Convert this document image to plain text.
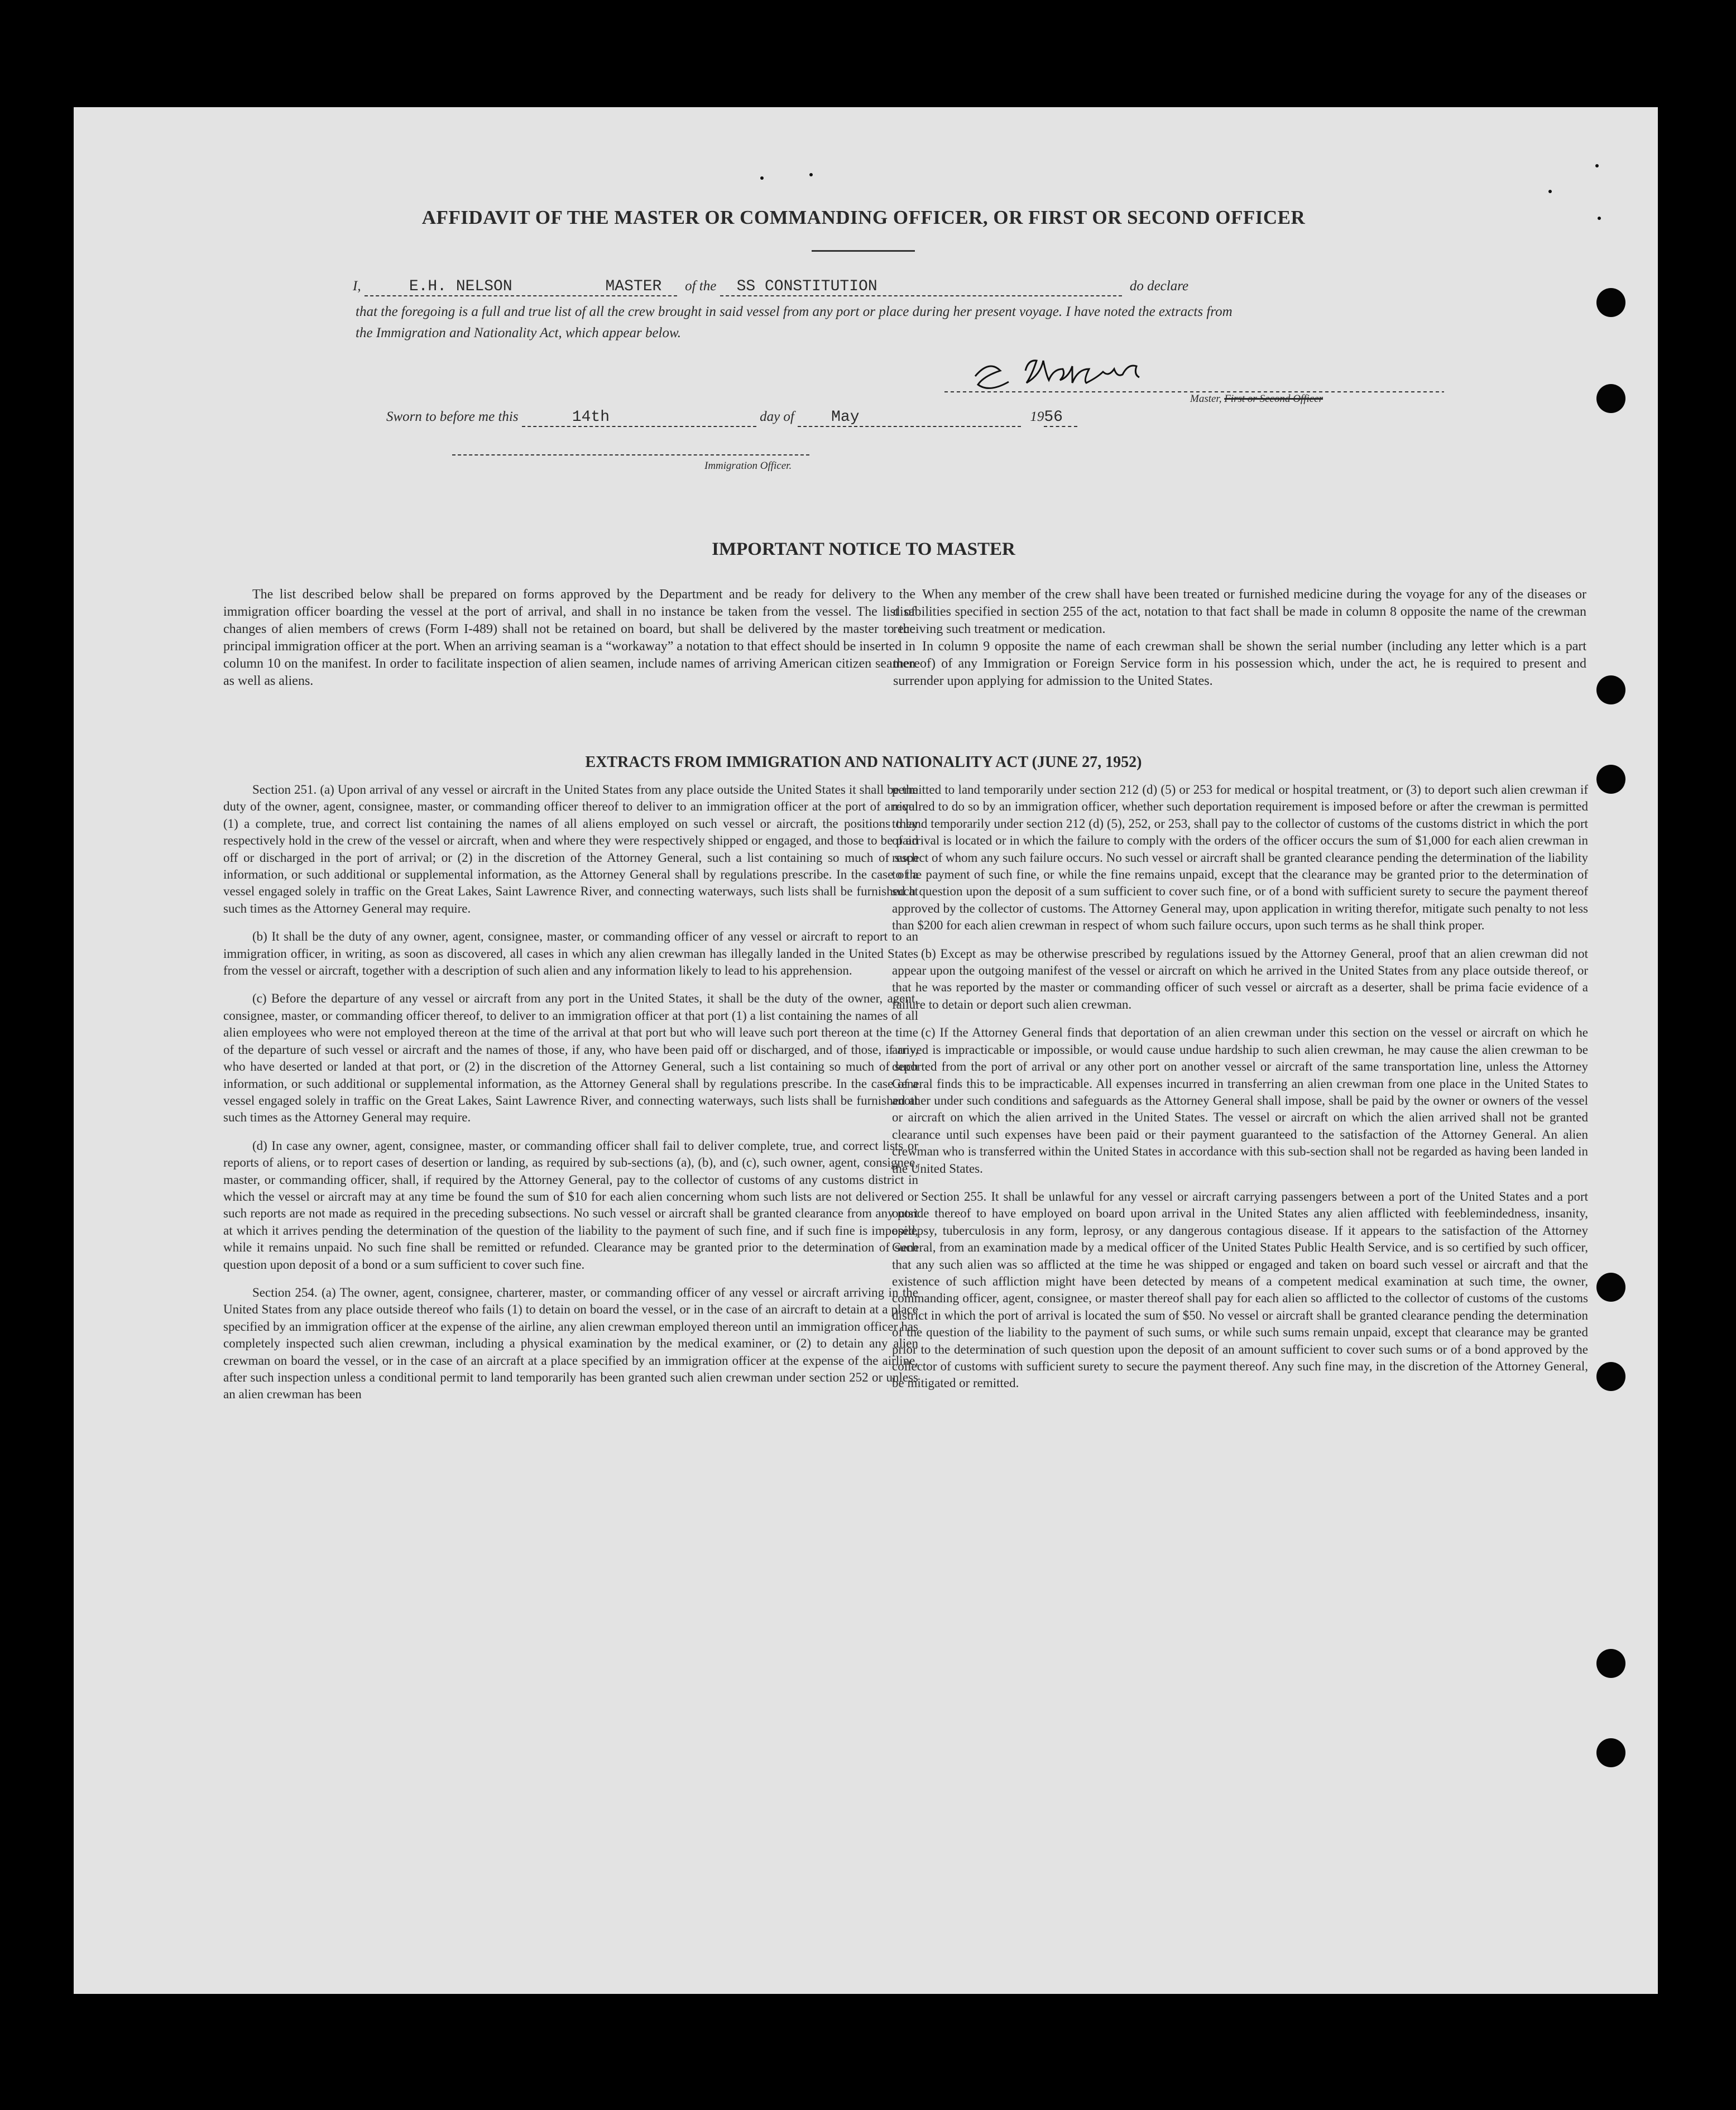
AFFIDAVIT OF THE MASTER OR COMMANDING OFFICER, OR FIRST OR SECOND OFFICER
I,	E.H. NELSON	MASTER of the SS CONSTITUTION	do declare
that the foregoing is a full and true list of all the crew brought in said vessel from any port or place during her present voyage. I have noted the extracts from
the Immigration and Nationality Act, which appear below.
Master, First or Second Officer
Sworn to before me this	14th	day of May	1956
Immigration Officer.
IMPORTANT NOTICE TO MASTER

The list described below shall be prepared on forms approved by the Department and be ready for delivery to the immigration officer boarding the vessel at the port of arrival, and shall in no instance be taken from the vessel. The list of changes of alien members of crews (Form I-489) shall not be retained on board, but shall be delivered by the master to the principal immigration officer at the port. When an arriving seaman is a “workaway” a notation to that effect should be inserted in column 10 on the manifest. In order to facilitate inspection of alien seamen, include names of arriving American citizen seamen as well as aliens.

When any member of the crew shall have been treated or furnished medicine during the voyage for any of the diseases or disabilities specified in section 255 of the act, notation to that fact shall be made in column 8 opposite the name of the crewman receiving such treatment or medication.

In column 9 opposite the name of each crewman shall be shown the serial number (including any letter which is a part thereof) of any Immigration or Foreign Service form in his possession which, under the act, he is required to present and surrender upon applying for admission to the United States.

EXTRACTS FROM IMMIGRATION AND NATIONALITY ACT (JUNE 27, 1952)

Section 251. (a) Upon arrival of any vessel or aircraft in the United States from any place outside the United States it shall be the duty of the owner, agent, consignee, master, or commanding officer thereof to deliver to an immigration officer at the port of arrival (1) a complete, true, and correct list containing the names of all aliens employed on such vessel or aircraft, the positions they respectively hold in the crew of the vessel or aircraft, when and where they were respectively shipped or engaged, and those to be paid off or discharged in the port of arrival; or (2) in the discretion of the Attorney General, such a list containing so much of such information, or such additional or supplemental information, as the Attorney General shall by regulations prescribe. In the case of a vessel engaged solely in traffic on the Great Lakes, Saint Lawrence River, and connecting waterways, such lists shall be furnished at such times as the Attorney General may require.

(b) It shall be the duty of any owner, agent, consignee, master, or commanding officer of any vessel or aircraft to report to an immigration officer, in writing, as soon as discovered, all cases in which any alien crewman has illegally landed in the United States from the vessel or aircraft, together with a description of such alien and any information likely to lead to his apprehension.

(c) Before the departure of any vessel or aircraft from any port in the United States, it shall be the duty of the owner, agent, consignee, master, or commanding officer thereof, to deliver to an immigration officer at that port (1) a list containing the names of all alien employees who were not employed thereon at the time of the arrival at that port but who will leave such port thereon at the time of the departure of such vessel or aircraft and the names of those, if any, who have been paid off or discharged, and of those, if any, who have deserted or landed at that port, or (2) in the discretion of the Attorney General, such a list containing so much of such information, or such additional or supplemental information, as the Attorney General shall by regulations prescribe. In the case of a vessel engaged solely in traffic on the Great Lakes, Saint Lawrence River, and connecting waterways, such lists shall be furnished at such times as the Attorney General may require.

(d) In case any owner, agent, consignee, master, or commanding officer shall fail to deliver complete, true, and correct lists or reports of aliens, or to report cases of desertion or landing, as required by sub-sections (a), (b), and (c), such owner, agent, consignee, master, or commanding officer, shall, if required by the Attorney General, pay to the collector of customs of any customs district in which the vessel or aircraft may at any time be found the sum of $10 for each alien concerning whom such lists are not delivered or such reports are not made as required in the preceding subsections. No such vessel or aircraft shall be granted clearance from any port at which it arrives pending the determination of the question of the liability to the payment of such fine, and if such fine is imposed, while it remains unpaid. No such fine shall be remitted or refunded. Clearance may be granted prior to the determination of such question upon deposit of a bond or a sum sufficient to cover such fine.

Section 254. (a) The owner, agent, consignee, charterer, master, or commanding officer of any vessel or aircraft arriving in the United States from any place outside thereof who fails (1) to detain on board the vessel, or in the case of an aircraft to detain at a place specified by an immigration officer at the expense of the airline, any alien crewman employed thereon until an immigration officer has completely inspected such alien crewman, including a physical examination by the medical examiner, or (2) to detain any alien crewman on board the vessel, or in the case of an aircraft at a place specified by an immigration officer at the expense of the airline, after such inspection unless a conditional permit to land temporarily has been granted such alien crewman under section 252 or unless an alien crewman has been

permitted to land temporarily under section 212 (d) (5) or 253 for medical or hospital treatment, or (3) to deport such alien crewman if required to do so by an immigration officer, whether such deportation requirement is imposed before or after the crewman is permitted to land temporarily under section 212 (d) (5), 252, or 253, shall pay to the collector of customs of the customs district in which the port of arrival is located or in which the failure to comply with the orders of the officer occurs the sum of $1,000 for each alien crewman in respect of whom any such failure occurs. No such vessel or aircraft shall be granted clearance pending the determination of the liability to the payment of such fine, or while the fine remains unpaid, except that the clearance may be granted prior to the determination of such question upon the deposit of a sum sufficient to cover such fine, or of a bond with sufficient surety to secure the payment thereof approved by the collector of customs. The Attorney General may, upon application in writing therefor, mitigate such penalty to not less than $200 for each alien crewman in respect of whom such failure occurs, upon such terms as he shall think proper.

(b) Except as may be otherwise prescribed by regulations issued by the Attorney General, proof that an alien crewman did not appear upon the outgoing manifest of the vessel or aircraft on which he arrived in the United States from any place outside thereof, or that he was reported by the master or commanding officer of such vessel or aircraft as a deserter, shall be prima facie evidence of a failure to detain or deport such alien crewman.

(c) If the Attorney General finds that deportation of an alien crewman under this section on the vessel or aircraft on which he arrived is impracticable or impossible, or would cause undue hardship to such alien crewman, he may cause the alien crewman to be deported from the port of arrival or any other port on another vessel or aircraft of the same transportation line, unless the Attorney General finds this to be impracticable. All expenses incurred in transferring an alien crewman from one place in the United States to another under such conditions and safeguards as the Attorney General shall impose, shall be paid by the owner or owners of the vessel or aircraft on which the alien arrived in the United States. The vessel or aircraft on which the alien arrived shall not be granted clearance until such expenses have been paid or their payment guaranteed to the satisfaction of the Attorney General. An alien crewman who is transferred within the United States in accordance with this sub-section shall not be regarded as having been landed in the United States.

Section 255. It shall be unlawful for any vessel or aircraft carrying passengers between a port of the United States and a port outside thereof to have employed on board upon arrival in the United States any alien afflicted with feeblemindedness, insanity, epilepsy, tuberculosis in any form, leprosy, or any dangerous contagious disease. If it appears to the satisfaction of the Attorney General, from an examination made by a medical officer of the United States Public Health Service, and is so certified by such officer, that any such alien was so afflicted at the time he was shipped or engaged and taken on board such vessel or aircraft and that the existence of such affliction might have been detected by means of a competent medical examination at such time, the owner, commanding officer, agent, consignee, or master thereof shall pay for each alien so afflicted to the collector of customs of the customs district in which the port of arrival is located the sum of $50. No vessel or aircraft shall be granted clearance pending the determination of the question of the liability to the payment of such sums, or while such sums remain unpaid, except that clearance may be granted prior to the determination of such question upon the deposit of an amount sufficient to cover such sums or of a bond approved by the collector of customs with sufficient surety to secure the payment thereof. Any such fine may, in the discretion of the Attorney General, be mitigated or remitted.
